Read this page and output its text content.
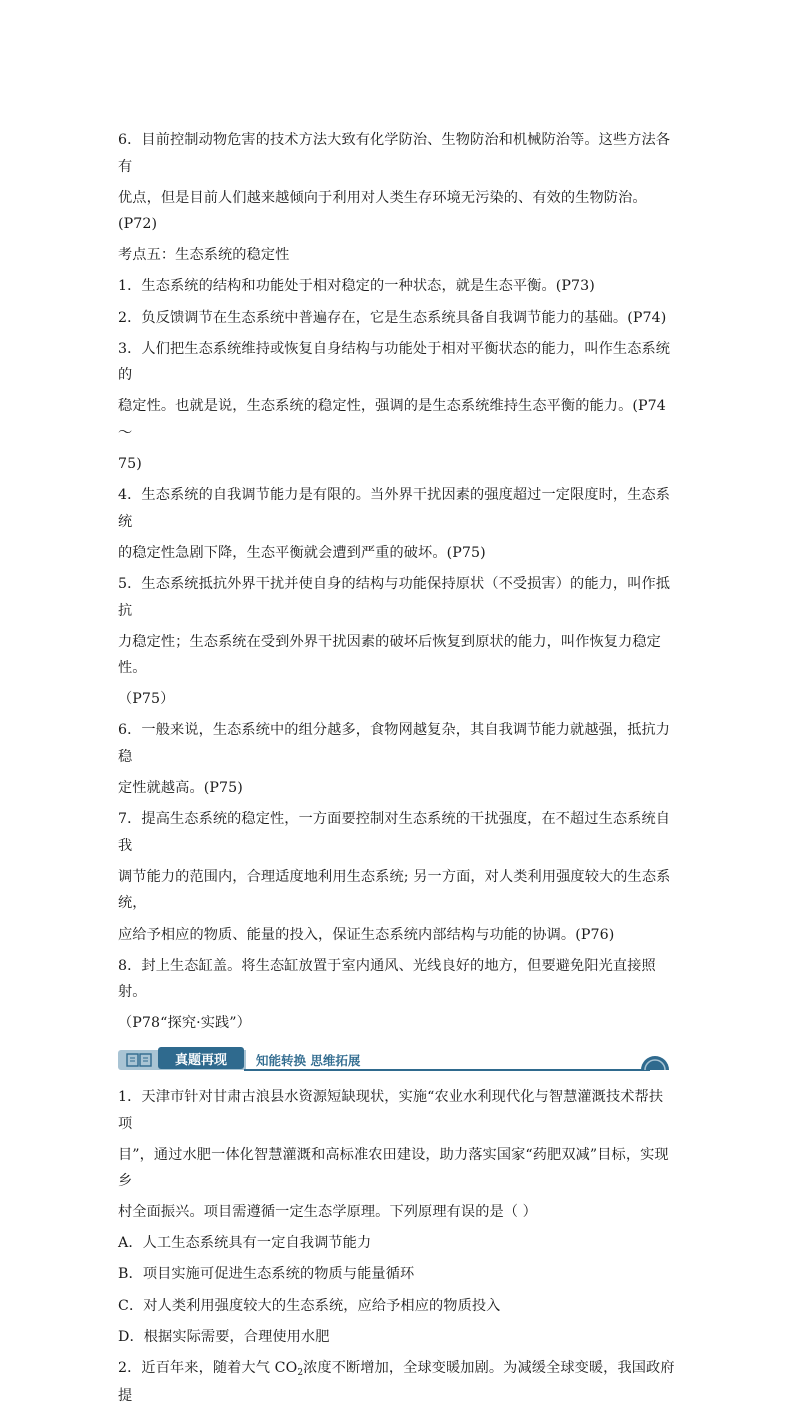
6．目前控制动物危害的技术方法大致有化学防治、生物防治和机械防治等。这些方法各有

优点，但是目前人们越来越倾向于利用对人类生存环境无污染的、有效的生物防治。(P72)

考点五：生态系统的稳定性

1．生态系统的结构和功能处于相对稳定的一种状态，就是生态平衡。(P73)

2．负反馈调节在生态系统中普遍存在，它是生态系统具备自我调节能力的基础。(P74)

3．人们把生态系统维持或恢复自身结构与功能处于相对平衡状态的能力，叫作生态系统的

稳定性。也就是说，生态系统的稳定性，强调的是生态系统维持生态平衡的能力。(P74～

75)

4．生态系统的自我调节能力是有限的。当外界干扰因素的强度超过一定限度时，生态系统

的稳定性急剧下降，生态平衡就会遭到严重的破坏。(P75)

5．生态系统抵抗外界干扰并使自身的结构与功能保持原状（不受损害）的能力，叫作抵抗

力稳定性；生态系统在受到外界干扰因素的破坏后恢复到原状的能力，叫作恢复力稳定性。

（P75）

6．一般来说，生态系统中的组分越多，食物网越复杂，其自我调节能力就越强，抵抗力稳

定性就越高。(P75)

7．提高生态系统的稳定性，一方面要控制对生态系统的干扰强度，在不超过生态系统自我

调节能力的范围内，合理适度地利用生态系统; 另一方面，对人类利用强度较大的生态系统，

应给予相应的物质、能量的投入，保证生态系统内部结构与功能的协调。(P76)

8．封上生态缸盖。将生态缸放置于室内通风、光线良好的地方，但要避免阳光直接照射。

（P78“探究·实践”）

真题再现	知能转换 思维拓展

1．天津市针对甘肃古浪县水资源短缺现状，实施“农业水利现代化与智慧灌溉技术帮扶项

目”，通过水肥一体化智慧灌溉和高标准农田建设，助力落实国家“药肥双减”目标，实现乡

村全面振兴。项目需遵循一定生态学原理。下列原理有误的是（ ）

A．人工生态系统具有一定自我调节能力

B．项目实施可促进生态系统的物质与能量循环

C．对人类利用强度较大的生态系统，应给予相应的物质投入

D．根据实际需要，合理使用水肥

2．近百年来，随着大气 $CO_2$浓度不断增加，全球变暖加剧。为减缓全球变暖，我国政府提
